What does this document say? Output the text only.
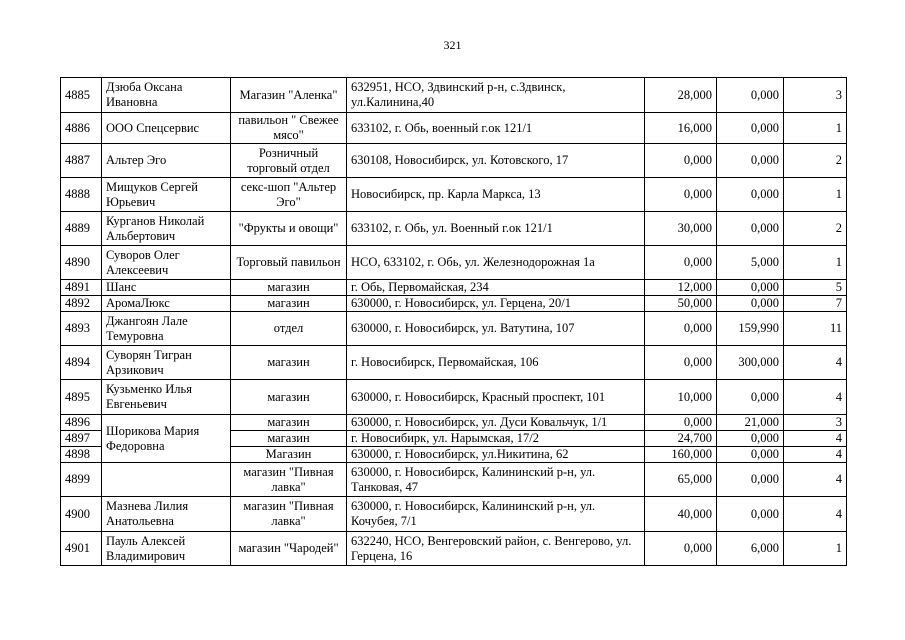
321
4885	Дзюба Оксана Ивановна	Магазин "Аленка"	632951, НСО, Здвинский р-н, с.Здвинск, ул.Калинина,40	28,000	0,000	3
4886	ООО Спецсервис	павильон " Свежее мясо"	633102, г. Обь, военный г.ок 121/1	16,000	0,000	1
4887	Альтер Эго	Розничный торговый отдел	630108, Новосибирск, ул. Котовского, 17	0,000	0,000	2
4888	Мищуков Сергей Юрьевич	секс-шоп "Альтер Эго"	Новосибирск, пр. Карла Маркса, 13	0,000	0,000	1
4889	Курганов Николай Альбертович	"Фрукты и овощи"	633102, г. Обь, ул. Военный г.ок 121/1	30,000	0,000	2
4890	Суворов Олег Алексеевич	Торговый павильон	НСО, 633102, г. Обь, ул. Железнодорожная 1а	0,000	5,000	1
4891	Шанс	магазин	г. Обь, Первомайская, 234	12,000	0,000	5
4892	АромаЛюкс	магазин	630000, г. Новосибирск, ул. Герцена, 20/1	50,000	0,000	7
4893	Джангоян Лале Темуровна	отдел	630000, г. Новосибирск, ул. Ватутина, 107	0,000	159,990	11
4894	Суворян Тигран Арзикович	магазин	г. Новосибирск, Первомайская, 106	0,000	300,000	4
4895	Кузьменко Илья Евгеньевич	магазин	630000, г. Новосибирск, Красный проспект, 101	10,000	0,000	4
4896	Шорикова Мария Федоровна	магазин	630000, г. Новосибирск, ул. Дуси Ковальчук, 1/1	0,000	21,000	3
4897		магазин	г. Новосибирк, ул. Нарымская, 17/2	24,700	0,000	4
4898		Магазин	630000, г. Новосибирск, ул.Никитина, 62	160,000	0,000	4
4899		магазин "Пивная лавка"	630000, г. Новосибирск, Калининский р-н, ул. Танковая, 47	65,000	0,000	4
4900	Мазнева Лилия Анатольевна	магазин "Пивная лавка"	630000, г. Новосибирск, Калининский р-н, ул. Кочубея, 7/1	40,000	0,000	4
4901	Пауль Алексей Владимирович	магазин "Чародей"	632240, НСО, Венгеровский район, с. Венгерово, ул. Герцена, 16	0,000	6,000	1
